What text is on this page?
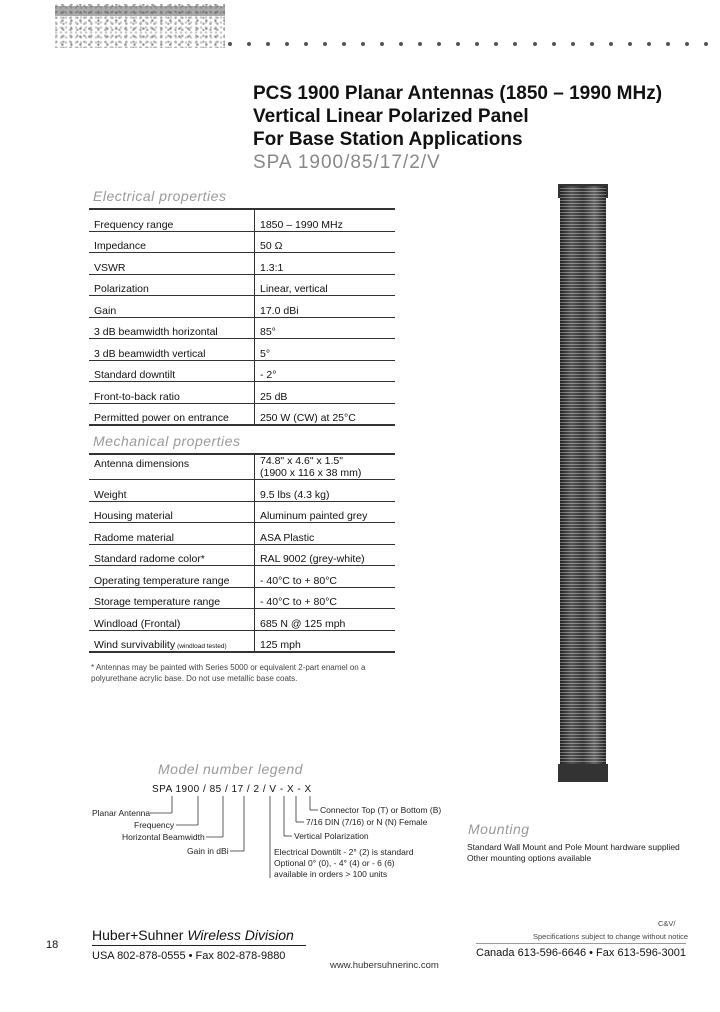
PCS 1900 Planar Antennas (1850 – 1990 MHz)
Vertical Linear Polarized Panel
For Base Station Applications
SPA 1900/85/17/2/V
Electrical properties
Frequency range	1850 – 1990 MHz

Impedance	50 Ω

VSWR	1.3:1

Polarization	Linear, vertical

Gain	17.0 dBi

3 dB beamwidth horizontal	85°

3 dB beamwidth vertical	5°

Standard downtilt	- 2°

Front-to-back ratio	25 dB

Permitted power on entrance	250 W (CW) at 25°C
Mechanical properties
Antenna dimensions	74.8" x 4.6" x 1.5"
(1900 x 116 x 38 mm)

Weight	9.5 lbs (4.3 kg)

Housing material	Aluminum painted grey

Radome material	ASA Plastic

Standard radome color*	RAL 9002 (grey-white)

Operating temperature range	- 40°C to + 80°C

Storage temperature range	- 40°C to + 80°C

Windload (Frontal)	685 N @ 125 mph

Wind survivability (windload tested)	125 mph
* Antennas may be painted with Series 5000 or equivalent 2-part enamel on a polyurethane acrylic base. Do not use metallic base coats.
Model number legend
SPA 1900 / 85 / 17 / 2 / V - X - X
Planar Antenna
Frequency
Horizontal Beamwidth
Gain in dBi
Connector Top (T) or Bottom (B)
7/16 DIN (7/16) or N (N) Female
Vertical Polarization
Electrical Downtilt - 2° (2) is standard
Optional 0° (0), - 4° (4) or - 6 (6)
available in orders > 100 units
Mounting
Standard Wall Mount and Pole Mount hardware supplied
Other mounting options available
C&V/
Specifications subject to change without notice
18
Huber+Suhner Wireless Division
USA 802-878-0555 • Fax 802-878-9880
www.hubersuhnerinc.com
Canada 613-596-6646 • Fax 613-596-3001
